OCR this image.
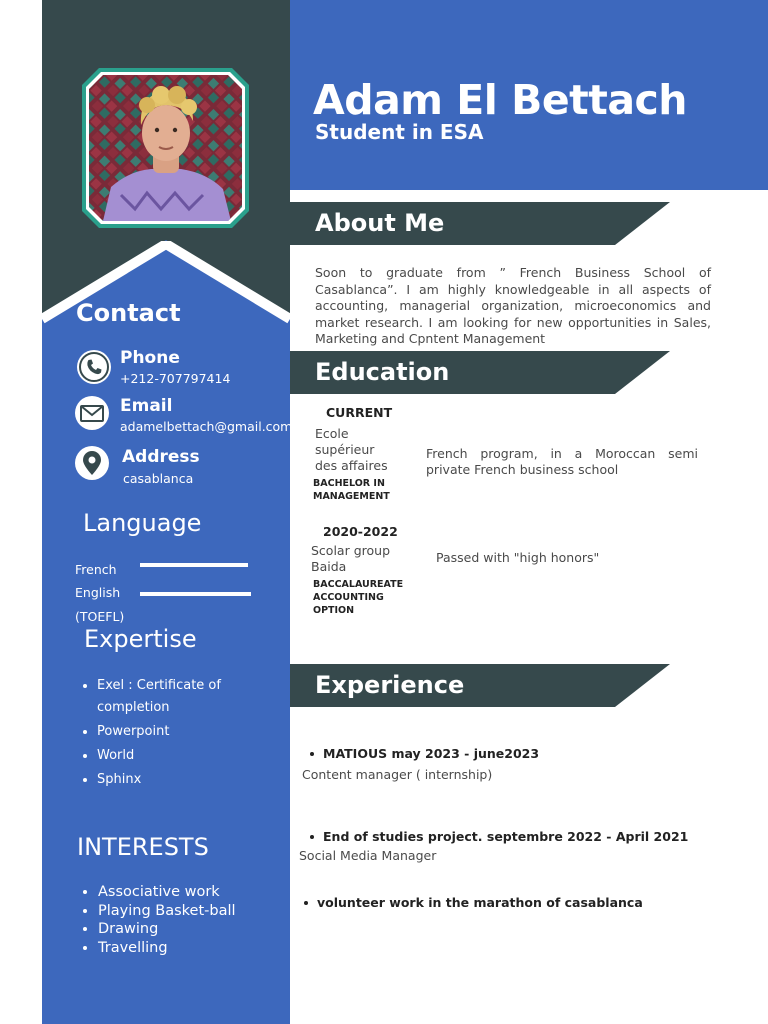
Contact
Phone
+212-707797414
Email
adamelbettach@gmail.com
Address
casablanca
Language
French
English
(TOEFL)
Expertise
• Exel : Certificate of completion
• Powerpoint
• World
• Sphinx
INTERESTS
• Associative work
• Playing Basket-ball
• Drawing
• Travelling
Adam El Bettach
Student in ESA
About Me

Soon to graduate from ” French Business School of Casablanca”. I am highly knowledgeable in all aspects of accounting, managerial organization, microeconomics and market research. I am looking for new opportunities in Sales, Marketing and Cpntent Management

Education
CURRENT
Ecole
supérieur
des affaires
BACHELOR IN
MANAGEMENT
French program, in a Moroccan semi private French business school
2020-2022
Scolar group
Baida
BACCALAUREATE
ACCOUNTING
OPTION
Passed with "high honors"
Experience
MATIOUS may 2023 - june2023
Content manager ( internship)
End of studies project. septembre 2022 - April 2021
Social Media Manager
volunteer work in the marathon of casablanca
